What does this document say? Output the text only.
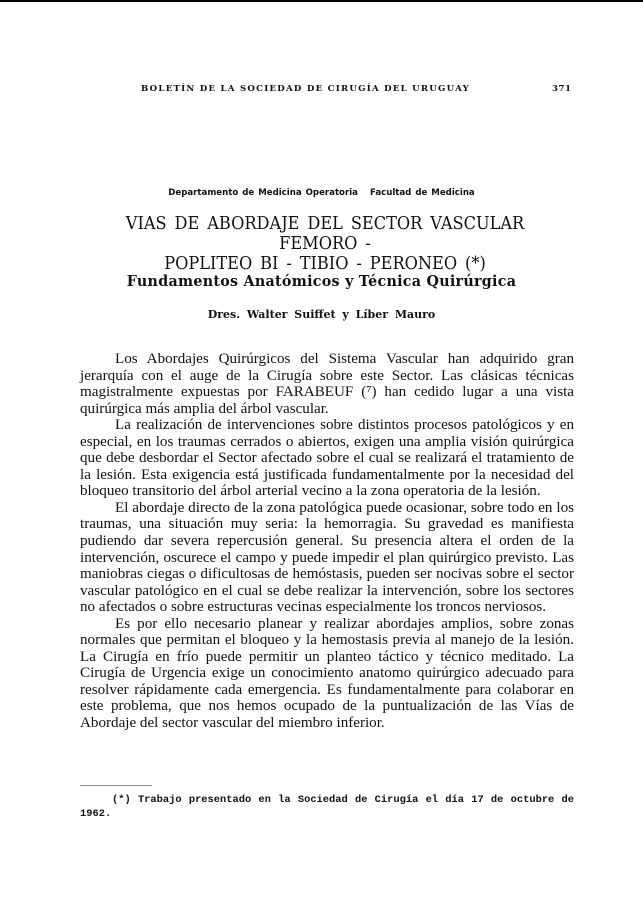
BOLETÍN DE LA SOCIEDAD DE CIRUGÍA DEL URUGUAY	371
Departamento de Medicina Operatoria Facultad de Medicina
VIAS DE ABORDAJE DEL SECTOR VASCULAR FEMORO -
POPLITEO BI - TIBIO - PERONEO (*)
Fundamentos Anatómicos y Técnica Quirúrgica
Dres. Walter Suiffet y Líber Mauro

Los Abordajes Quirúrgicos del Sistema Vascular han adquirido gran jerarquía con el auge de la Cirugía sobre este Sector. Las clásicas técnicas magistralmente expuestas por FARABEUF (⁷) han cedido lugar a una vista quirúrgica más amplia del árbol vascular.

La realización de intervenciones sobre distintos procesos patológicos y en especial, en los traumas cerrados o abiertos, exigen una amplia visión quirúrgica que debe desbordar el Sector afectado sobre el cual se realizará el tratamiento de la lesión. Esta exigencia está justificada fundamentalmente por la necesidad del bloqueo transitorio del árbol arterial vecino a la zona operatoria de la lesión.

El abordaje directo de la zona patológica puede ocasionar, sobre todo en los traumas, una situación muy seria: la hemorragia. Su gravedad es manifiesta pudiendo dar severa repercusión general. Su presencia altera el orden de la intervención, oscurece el campo y puede impedir el plan quirúrgico previsto. Las maniobras ciegas o dificultosas de hemóstasis, pueden ser nocivas sobre el sector vascular patológico en el cual se debe realizar la intervención, sobre los sectores no afectados o sobre estructuras vecinas especialmente los troncos nerviosos.

Es por ello necesario planear y realizar abordajes amplios, sobre zonas normales que permitan el bloqueo y la hemostasis previa al manejo de la lesión. La Cirugía en frío puede permitir un planteo táctico y técnico meditado. La Cirugía de Urgencia exige un conocimiento anatomo quirúrgico adecuado para resolver rápidamente cada emergencia. Es fundamentalmente para colaborar en este problema, que nos hemos ocupado de la puntualización de las Vías de Abordaje del sector vascular del miembro inferior.

(*) Trabajo presentado en la Sociedad de Cirugía el día 17 de octubre de 1962.
